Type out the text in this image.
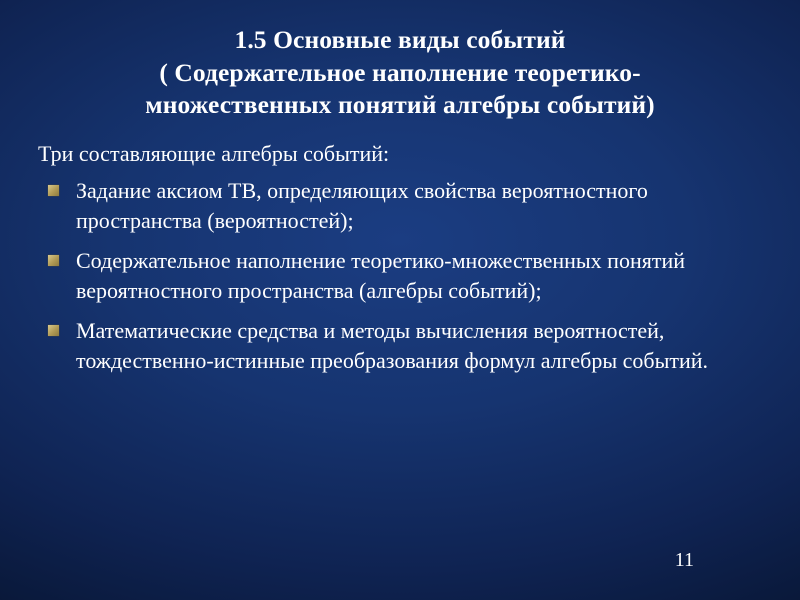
1.5 Основные виды событий
( Содержательное наполнение теоретико-
множественных понятий алгебры событий)

Три составляющие алгебры событий:

Задание аксиом ТВ, определяющих свойства вероятностного пространства (вероятностей);
Содержательное наполнение теоретико-множественных понятий вероятностного пространства (алгебры событий);
Математические средства и методы вычисления вероятностей, тождественно-истинные преобразования формул алгебры событий.
11
